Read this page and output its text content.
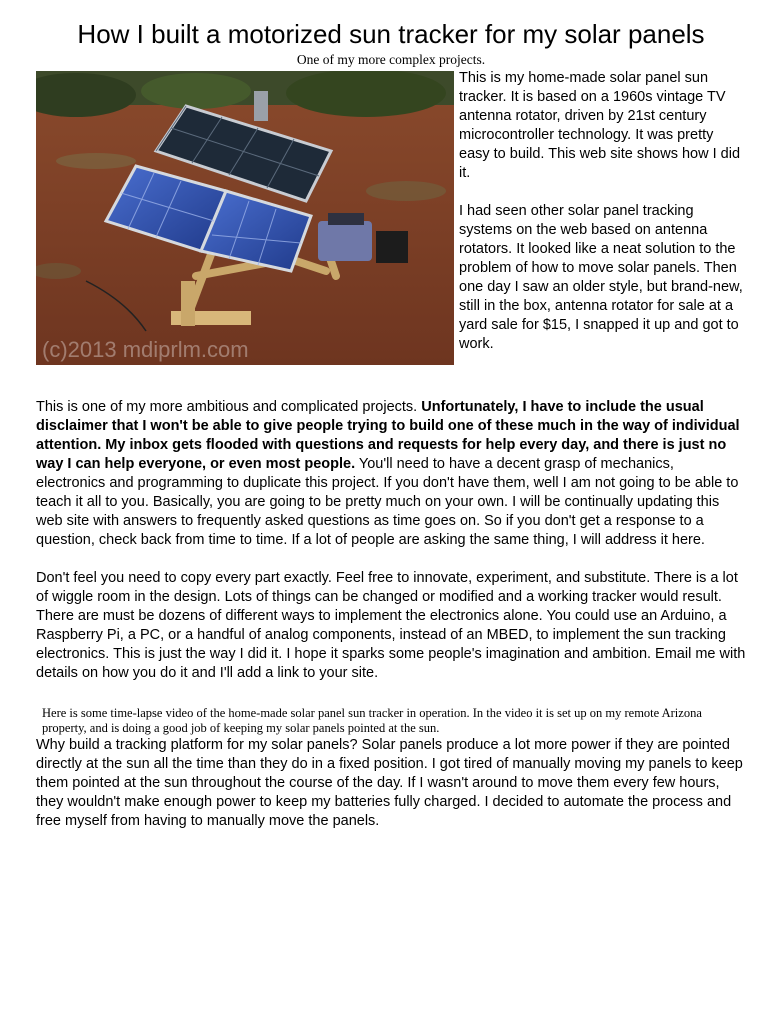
How I built a motorized sun tracker for my solar panels
One of my more complex projects.
(c)2013 mdiprlm.com

This is my home-made solar panel sun tracker. It is based on a 1960s vintage TV antenna rotator, driven by 21st century microcontroller technology. It was pretty easy to build. This web site shows how I did it.

I had seen other solar panel tracking systems on the web based on antenna rotators. It looked like a neat solution to the problem of how to move solar panels. Then one day I saw an older style, but brand-new, still in the box, antenna rotator for sale at a yard sale for $15, I snapped it up and got to work.

This is one of my more ambitious and complicated projects. Unfortunately, I have to include the usual disclaimer that I won't be able to give people trying to build one of these much in the way of individual attention. My inbox gets flooded with questions and requests for help every day, and there is just no way I can help everyone, or even most people. You'll need to have a decent grasp of mechanics, electronics and programming to duplicate this project. If you don't have them, well I am not going to be able to teach it all to you. Basically, you are going to be pretty much on your own. I will be continually updating this web site with answers to frequently asked questions as time goes on. So if you don't get a response to a question, check back from time to time. If a lot of people are asking the same thing, I will address it here.

Don't feel you need to copy every part exactly. Feel free to innovate, experiment, and substitute. There is a lot of wiggle room in the design. Lots of things can be changed or modified and a working tracker would result. There are must be dozens of different ways to implement the electronics alone. You could use an Arduino, a Raspberry Pi, a PC, or a handful of analog components, instead of an MBED, to implement the sun tracking electronics. This is just the way I did it. I hope it sparks some people's imagination and ambition. Email me with details on how you do it and I'll add a link to your site.

Here is some time-lapse video of the home-made solar panel sun tracker in operation. In the video it is set up on my remote Arizona property, and is doing a good job of keeping my solar panels pointed at the sun.

Why build a tracking platform for my solar panels? Solar panels produce a lot more power if they are pointed directly at the sun all the time than they do in a fixed position. I got tired of manually moving my panels to keep them pointed at the sun throughout the course of the day. If I wasn't around to move them every few hours, they wouldn't make enough power to keep my batteries fully charged. I decided to automate the process and free myself from having to manually move the panels.
